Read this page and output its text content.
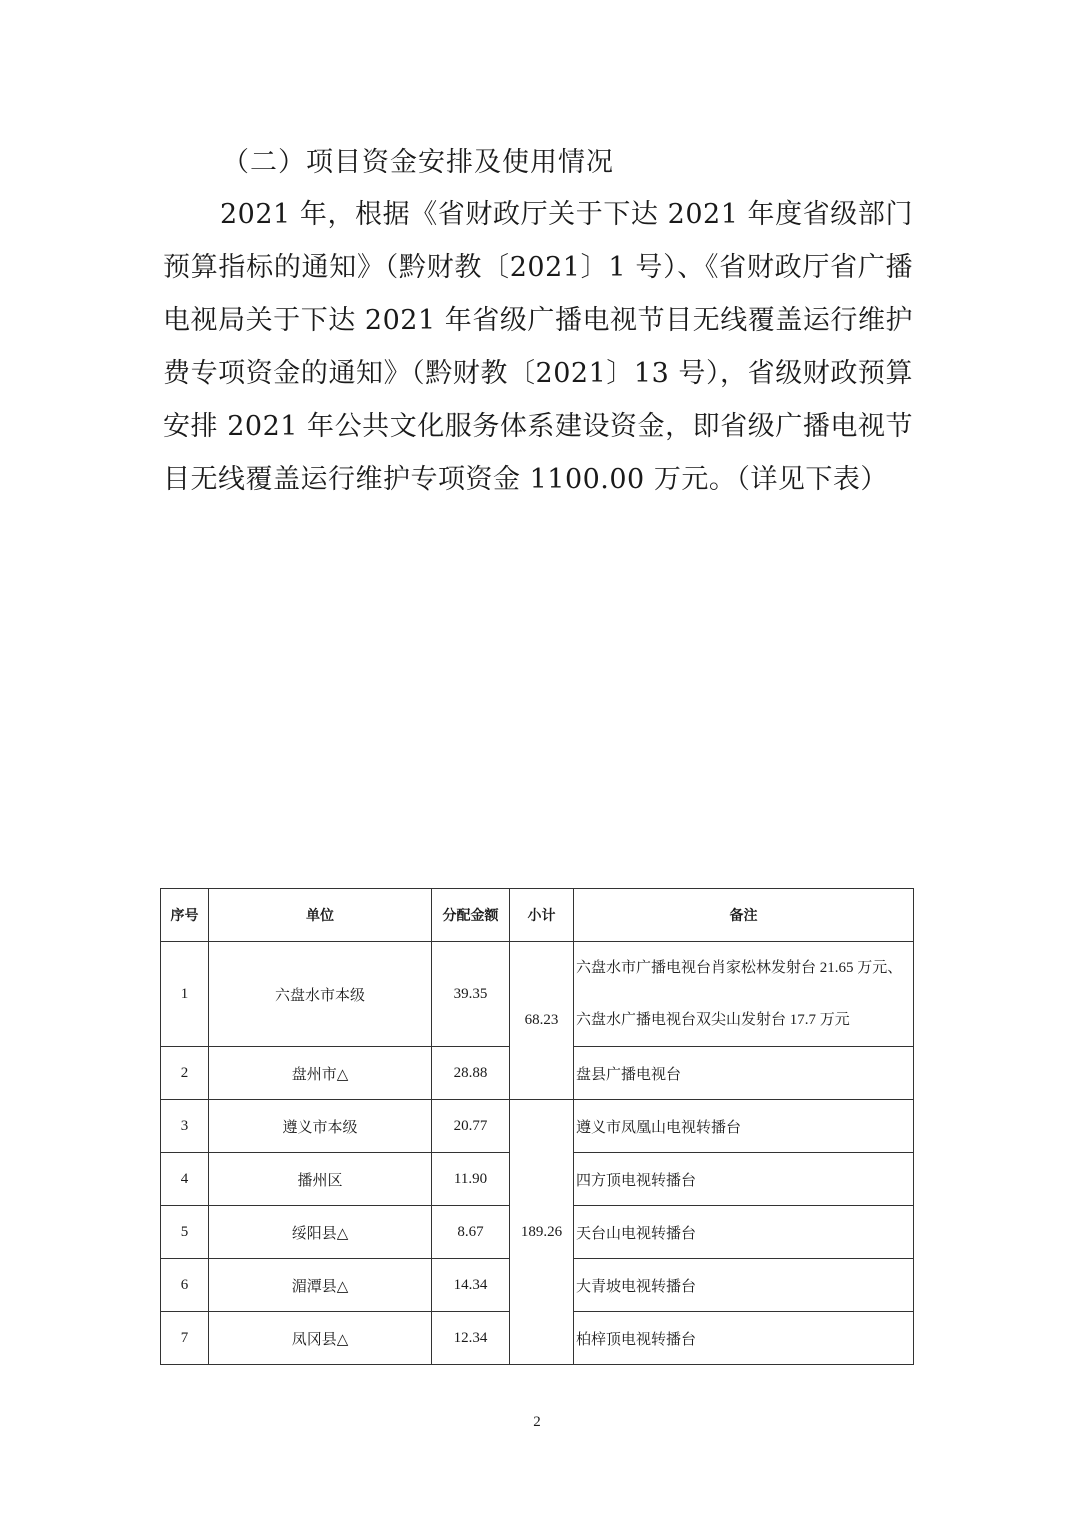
（二）项目资金安排及使用情况
2021 年，根据《省财政厅关于下达 2021 年度省级部门预算指标的通知》（黔财教〔2021〕1 号）、《省财政厅省广播电视局关于下达 2021 年省级广播电视节目无线覆盖运行维护费专项资金的通知》（黔财教〔2021〕13 号），省级财政预算安排 2021 年公共文化服务体系建设资金，即省级广播电视节目无线覆盖运行维护专项资金 1100.00 万元。（详见下表）
序号	单位	分配金额	小计	备注
1	六盘水市本级	39.35	68.23	六盘水市广播电视台肖家松林发射台 21.65 万元、六盘水广播电视台双尖山发射台 17.7 万元
2	盘州市△	28.88		盘县广播电视台
3	遵义市本级	20.77	189.26	遵义市凤凰山电视转播台
4	播州区	11.90		四方顶电视转播台
5	绥阳县△	8.67		天台山电视转播台
6	湄潭县△	14.34		大青坡电视转播台
7	凤冈县△	12.34		柏梓顶电视转播台
2
